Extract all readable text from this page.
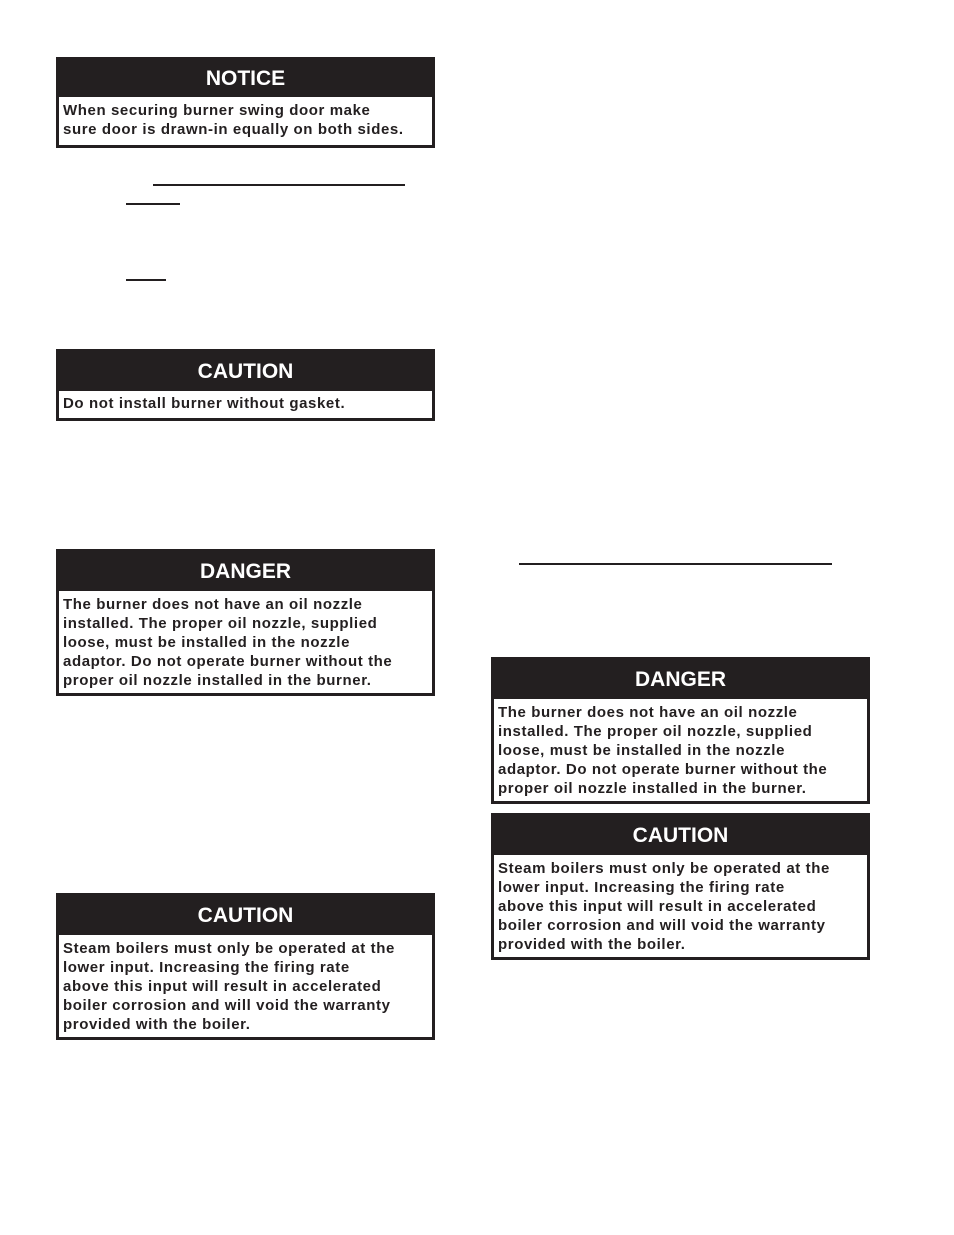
NOTICE
When securing burner swing door make
sure door is drawn-in equally on both sides.
CAUTION
Do not install burner without gasket.
DANGER
The burner does not have an oil nozzle
installed. The proper oil nozzle, supplied
loose, must be installed in the nozzle
adaptor. Do not operate burner without the
proper oil nozzle installed in the burner.
CAUTION
Steam boilers must only be operated at the
lower input. Increasing the firing rate
above this input will result in accelerated
boiler corrosion and will void the warranty
provided with the boiler.
DANGER
The burner does not have an oil nozzle
installed. The proper oil nozzle, supplied
loose, must be installed in the nozzle
adaptor. Do not operate burner without the
proper oil nozzle installed in the burner.
CAUTION
Steam boilers must only be operated at the
lower input. Increasing the firing rate
above this input will result in accelerated
boiler corrosion and will void the warranty
provided with the boiler.
